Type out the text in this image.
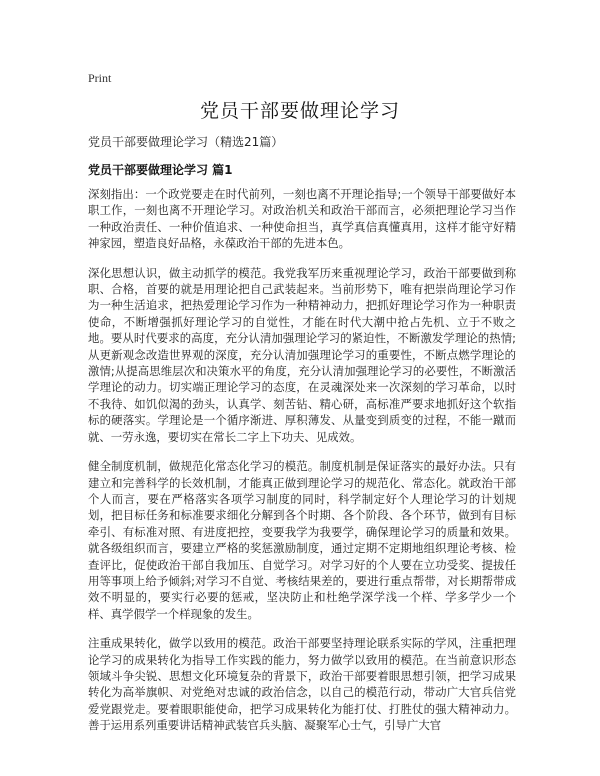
Print
党员干部要做理论学习
党员干部要做理论学习（精选21篇）
党员干部要做理论学习 篇1

深刻指出：一个政党要走在时代前列，一刻也离不开理论指导;一个领导干部要做好本职工作，一刻也离不开理论学习。对政治机关和政治干部而言，必须把理论学习当作一种政治责任、一种价值追求、一种使命担当，真学真信真懂真用，这样才能守好精神家园，塑造良好品格，永葆政治干部的先进本色。

深化思想认识，做主动抓学的模范。我党我军历来重视理论学习，政治干部要做到称职、合格，首要的就是用理论把自己武装起来。当前形势下，唯有把崇尚理论学习作为一种生活追求，把热爱理论学习作为一种精神动力，把抓好理论学习作为一种职责使命，不断增强抓好理论学习的自觉性，才能在时代大潮中抢占先机、立于不败之地。要从时代要求的高度，充分认清加强理论学习的紧迫性，不断激发学理论的热情;从更新观念改造世界观的深度，充分认清加强理论学习的重要性，不断点燃学理论的激情;从提高思维层次和决策水平的角度，充分认清加强理论学习的必要性，不断激活学理论的动力。切实端正理论学习的态度，在灵魂深处来一次深刻的学习革命，以时不我待、如饥似渴的劲头，认真学、刻苦钻、精心研，高标准严要求地抓好这个软指标的硬落实。学理论是一个循序渐进、厚积薄发、从量变到质变的过程，不能一蹴而就、一劳永逸，要切实在常长二字上下功夫、见成效。

健全制度机制，做规范化常态化学习的模范。制度机制是保证落实的最好办法。只有建立和完善科学的长效机制，才能真正做到理论学习的规范化、常态化。就政治干部个人而言，要在严格落实各项学习制度的同时，科学制定好个人理论学习的计划规划，把目标任务和标准要求细化分解到各个时期、各个阶段、各个环节，做到有目标牵引、有标准对照、有进度把控，变要我学为我要学，确保理论学习的质量和效果。就各级组织而言，要建立严格的奖惩激励制度，通过定期不定期地组织理论考核、检查评比，促使政治干部自我加压、自觉学习。对学习好的个人要在立功受奖、提拔任用等事项上给予倾斜;对学习不自觉、考核结果差的，要进行重点帮带，对长期帮带成效不明显的，要实行必要的惩戒，坚决防止和杜绝学深学浅一个样、学多学少一个样、真学假学一个样现象的发生。

注重成果转化，做学以致用的模范。政治干部要坚持理论联系实际的学风，注重把理论学习的成果转化为指导工作实践的能力，努力做学以致用的模范。在当前意识形态领域斗争尖锐、思想文化环境复杂的背景下，政治干部要着眼思想引领，把学习成果转化为高举旗帜、对党绝对忠诚的政治信念，以自己的模范行动，带动广大官兵信党爱党跟党走。要着眼职能使命，把学习成果转化为能打仗、打胜仗的强大精神动力。善于运用系列重要讲话精神武装官兵头脑、凝聚军心士气，引导广大官
